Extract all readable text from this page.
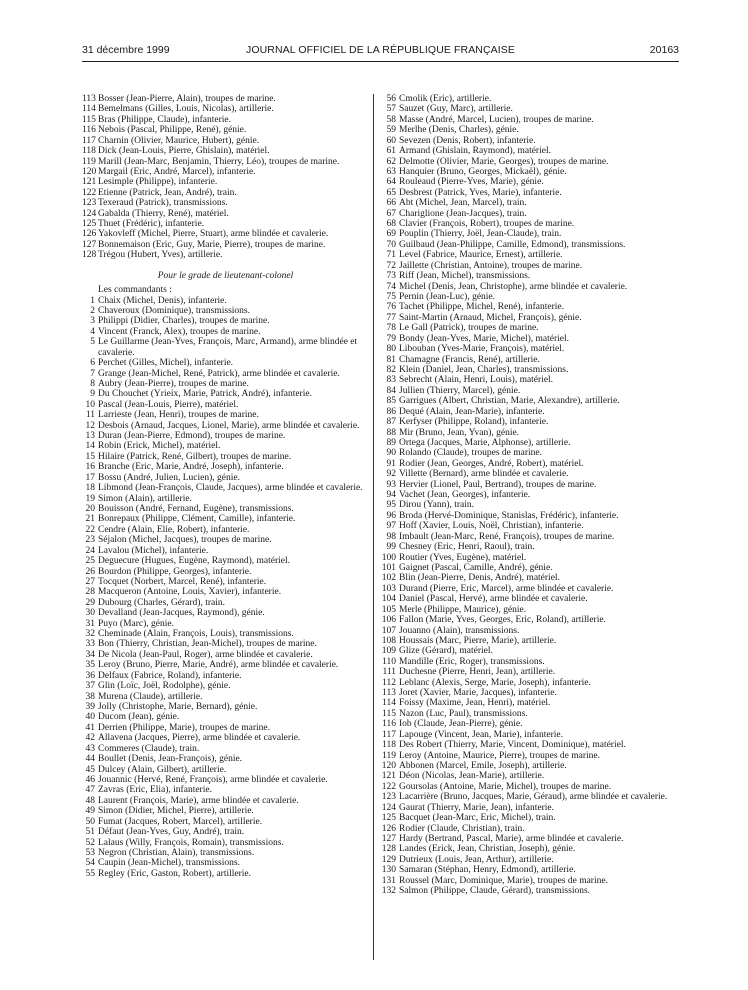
31 décembre 1999	JOURNAL OFFICIEL DE LA RÉPUBLIQUE FRANÇAISE	20163
113 Bosser (Jean-Pierre, Alain), troupes de marine.
114 Bemelmans (Gilles, Louis, Nicolas), artillerie.
115 Bras (Philippe, Claude), infanterie.
116 Nebois (Pascal, Philippe, René), génie.
117 Charnin (Olivier, Maurice, Hubert), génie.
118 Dick (Jean-Louis, Pierre, Ghislain), matériel.
119 Marill (Jean-Marc, Benjamin, Thierry, Léo), troupes de marine.
120 Margail (Eric, André, Marcel), infanterie.
121 Lesimple (Philippe), infanterie.
122 Etienne (Patrick, Jean, André), train.
123 Texeraud (Patrick), transmissions.
124 Gabalda (Thierry, René), matériel.
125 Thuet (Frédéric), infanterie.
126 Yakovleff (Michel, Pierre, Stuart), arme blindée et cavalerie.
127 Bonnemaison (Eric, Guy, Marie, Pierre), troupes de marine.
128 Trégou (Hubert, Yves), artillerie.
Pour le grade de lieutenant-colonel
Les commandants :
1 Chaix (Michel, Denis), infanterie.
2 Chaveroux (Dominique), transmissions.
3 Philippi (Didier, Charles), troupes de marine.
4 Vincent (Franck, Alex), troupes de marine.
5 Le Guillarme (Jean-Yves, François, Marc, Armand), arme blindée et cavalerie.
6 Perchet (Gilles, Michel), infanterie.
7 Grange (Jean-Michel, René, Patrick), arme blindée et cavalerie.
8 Aubry (Jean-Pierre), troupes de marine.
9 Du Chouchet (Yrieix, Marie, Patrick, André), infanterie.
10 Pascal (Jean-Louis, Pierre), matériel.
11 Larrieste (Jean, Henri), troupes de marine.
12 Desbois (Arnaud, Jacques, Lionel, Marie), arme blindée et cavalerie.
13 Duran (Jean-Pierre, Edmond), troupes de marine.
14 Robin (Erick, Michel), matériel.
15 Hilaire (Patrick, René, Gilbert), troupes de marine.
16 Branche (Eric, Marie, André, Joseph), infanterie.
17 Bossu (André, Julien, Lucien), génie.
18 Libmond (Jean-François, Claude, Jacques), arme blindée et cavalerie.
19 Simon (Alain), artillerie.
20 Bouisson (André, Fernand, Eugène), transmissions.
21 Bonrepaux (Philippe, Clément, Camille), infanterie.
22 Cendre (Alain, Elie, Robert), infanterie.
23 Séjalon (Michel, Jacques), troupes de marine.
24 Lavalou (Michel), infanterie.
25 Deguecure (Hugues, Eugène, Raymond), matériel.
26 Bourdon (Philippe, Georges), infanterie.
27 Tocquet (Norbert, Marcel, René), infanterie.
28 Macqueron (Antoine, Louis, Xavier), infanterie.
29 Dubourg (Charles, Gérard), train.
30 Devalland (Jean-Jacques, Raymond), génie.
31 Puyo (Marc), génie.
32 Cheminade (Alain, François, Louis), transmissions.
33 Bon (Thierry, Christian, Jean-Michel), troupes de marine.
34 De Nicola (Jean-Paul, Roger), arme blindée et cavalerie.
35 Leroy (Bruno, Pierre, Marie, André), arme blindée et cavalerie.
36 Delfaux (Fabrice, Roland), infanterie.
37 Glin (Loïc, Joël, Rodolphe), génie.
38 Murena (Claude), artillerie.
39 Jolly (Christophe, Marie, Bernard), génie.
40 Ducom (Jean), génie.
41 Derrien (Philippe, Marie), troupes de marine.
42 Allavena (Jacques, Pierre), arme blindée et cavalerie.
43 Commeres (Claude), train.
44 Boullet (Denis, Jean-François), génie.
45 Dulcey (Alain, Gilbert), artillerie.
46 Jouannic (Hervé, René, François), arme blindée et cavalerie.
47 Zavras (Eric, Elia), infanterie.
48 Laurent (François, Marie), arme blindée et cavalerie.
49 Simon (Didier, Michel, Pierre), artillerie.
50 Fumat (Jacques, Robert, Marcel), artillerie.
51 Défaut (Jean-Yves, Guy, André), train.
52 Lalaus (Willy, François, Romain), transmissions.
53 Negron (Christian, Alain), transmissions.
54 Caupin (Jean-Michel), transmissions.
55 Regley (Eric, Gaston, Robert), artillerie.
56 Cmolik (Eric), artillerie.
57 Sauzet (Guy, Marc), artillerie.
58 Masse (André, Marcel, Lucien), troupes de marine.
59 Merlhe (Denis, Charles), génie.
60 Sevezen (Denis, Robert), infanterie.
61 Armand (Ghislain, Raymond), matériel.
62 Delmotte (Olivier, Marie, Georges), troupes de marine.
63 Hanquier (Bruno, Georges, Mickaël), génie.
64 Rouleaud (Pierre-Yves, Marie), génie.
65 Desbrest (Patrick, Yves, Marie), infanterie.
66 Abt (Michel, Jean, Marcel), train.
67 Chariglione (Jean-Jacques), train.
68 Clavier (François, Robert), troupes de marine.
69 Pouplin (Thierry, Joël, Jean-Claude), train.
70 Guilbaud (Jean-Philippe, Camille, Edmond), transmissions.
71 Level (Fabrice, Maurice, Ernest), artillerie.
72 Jaillette (Christian, Antoine), troupes de marine.
73 Riff (Jean, Michel), transmissions.
74 Michel (Denis, Jean, Christophe), arme blindée et cavalerie.
75 Pernin (Jean-Luc), génie.
76 Tachet (Philippe, Michel, René), infanterie.
77 Saint-Martin (Arnaud, Michel, François), génie.
78 Le Gall (Patrick), troupes de marine.
79 Bondy (Jean-Yves, Marie, Michel), matériel.
80 Libouban (Yves-Marie, François), matériel.
81 Chamagne (Francis, René), artillerie.
82 Klein (Daniel, Jean, Charles), transmissions.
83 Sebrecht (Alain, Henri, Louis), matériel.
84 Jullien (Thierry, Marcel), génie.
85 Garrigues (Albert, Christian, Marie, Alexandre), artillerie.
86 Dequé (Alain, Jean-Marie), infanterie.
87 Kerfyser (Philippe, Roland), infanterie.
88 Mir (Bruno, Jean, Yvan), génie.
89 Ortega (Jacques, Marie, Alphonse), artillerie.
90 Rolando (Claude), troupes de marine.
91 Rodier (Jean, Georges, André, Robert), matériel.
92 Villette (Bernard), arme blindée et cavalerie.
93 Hervier (Lionel, Paul, Bertrand), troupes de marine.
94 Vachet (Jean, Georges), infanterie.
95 Dirou (Yann), train.
96 Broda (Hervé-Dominique, Stanislas, Frédéric), infanterie.
97 Hoff (Xavier, Louis, Noël, Christian), infanterie.
98 Imbault (Jean-Marc, René, François), troupes de marine.
99 Chesney (Eric, Henri, Raoul), train.
100 Routier (Yves, Eugène), matériel.
101 Gaignet (Pascal, Camille, André), génie.
102 Blin (Jean-Pierre, Denis, André), matériel.
103 Durand (Pierre, Eric, Marcel), arme blindée et cavalerie.
104 Daniel (Pascal, Hervé), arme blindée et cavalerie.
105 Merle (Philippe, Maurice), génie.
106 Fallon (Marie, Yves, Georges, Eric, Roland), artillerie.
107 Jouanno (Alain), transmissions.
108 Houssais (Marc, Pierre, Marie), artillerie.
109 Glize (Gérard), matériel.
110 Mandille (Eric, Roger), transmissions.
111 Duchesne (Pierre, Henri, Jean), artillerie.
112 Leblanc (Alexis, Serge, Marie, Joseph), infanterie.
113 Joret (Xavier, Marie, Jacques), infanterie.
114 Foissy (Maxime, Jean, Henri), matériel.
115 Nazon (Luc, Paul), transmissions.
116 Iob (Claude, Jean-Pierre), génie.
117 Lapouge (Vincent, Jean, Marie), infanterie.
118 Des Robert (Thierry, Marie, Vincent, Dominique), matériel.
119 Leroy (Antoine, Maurice, Pierre), troupes de marine.
120 Abbonen (Marcel, Emile, Joseph), artillerie.
121 Déon (Nicolas, Jean-Marie), artillerie.
122 Goursolas (Antoine, Marie, Michel), troupes de marine.
123 Lacarrière (Bruno, Jacques, Marie, Géraud), arme blindée et cavalerie.
124 Gaurat (Thierry, Marie, Jean), infanterie.
125 Bacquet (Jean-Marc, Eric, Michel), train.
126 Rodier (Claude, Christian), train.
127 Hardy (Bertrand, Pascal, Marie), arme blindée et cavalerie.
128 Landes (Erick, Jean, Christian, Joseph), génie.
129 Dutrieux (Louis, Jean, Arthur), artillerie.
130 Samaran (Stéphan, Henry, Edmond), artillerie.
131 Roussel (Marc, Dominique, Marie), troupes de marine.
132 Salmon (Philippe, Claude, Gérard), transmissions.
